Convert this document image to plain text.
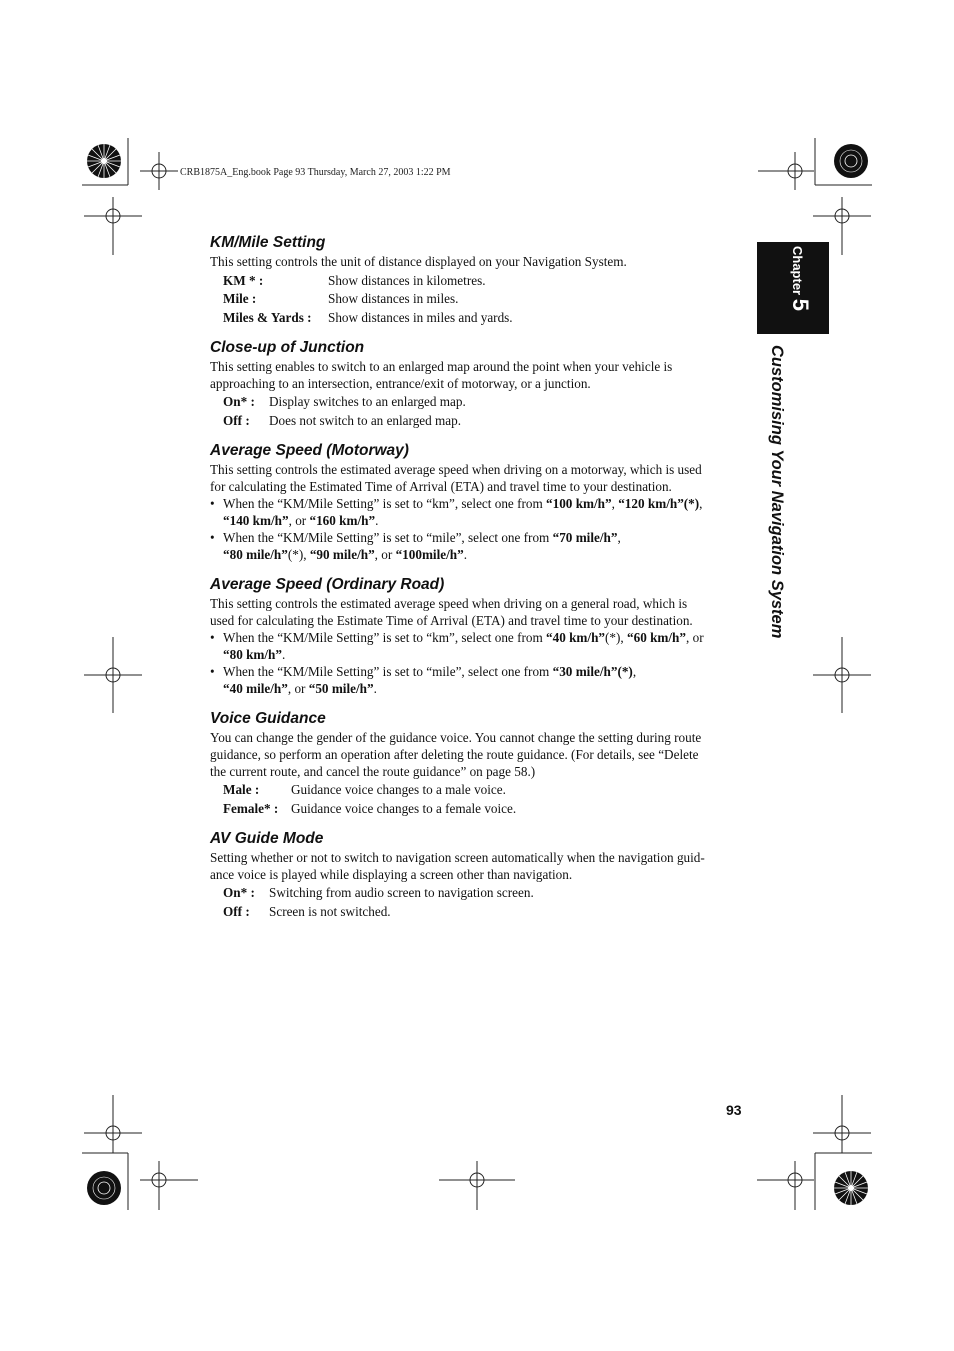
CRB1875A_Eng.book Page 93 Thursday, March 27, 2003 1:22 PM
Chapter 5
Customising Your Navigation System
KM/Mile Setting

This setting controls the unit of distance displayed on your Navigation System.

KM * :	Show distances in kilometres.
Mile :	Show distances in miles.
Miles & Yards :	Show distances in miles and yards.
Close-up of Junction

This setting enables to switch to an enlarged map around the point when your vehicle is

approaching to an intersection, entrance/exit of motorway, or a junction.

On* :	Display switches to an enlarged map.
Off :	Does not switch to an enlarged map.
Average Speed (Motorway)

This setting controls the estimated average speed when driving on a motorway, which is used

for calculating the Estimated Time of Arrival (ETA) and travel time to your destination.

• When the “KM/Mile Setting” is set to “km”, select one from “100 km/h”, “120 km/h”(*),
“140 km/h”, or “160 km/h”.
• When the “KM/Mile Setting” is set to “mile”, select one from “70 mile/h”,
“80 mile/h”(*), “90 mile/h”, or “100mile/h”.
Average Speed (Ordinary Road)

This setting controls the estimated average speed when driving on a general road, which is

used for calculating the Estimate Time of Arrival (ETA) and travel time to your destination.

• When the “KM/Mile Setting” is set to “km”, select one from “40 km/h”(*), “60 km/h”, or
“80 km/h”.
• When the “KM/Mile Setting” is set to “mile”, select one from “30 mile/h”(*),
“40 mile/h”, or “50 mile/h”.
Voice Guidance

You can change the gender of the guidance voice. You cannot change the setting during route

guidance, so perform an operation after deleting the route guidance. (For details, see “Delete

the current route, and cancel the route guidance” on page 58.)

Male :	Guidance voice changes to a male voice.
Female* : Guidance voice changes to a female voice.
AV Guide Mode

Setting whether or not to switch to navigation screen automatically when the navigation guid-

ance voice is played while displaying a screen other than navigation.

On* :	Switching from audio screen to navigation screen.
Off :	Screen is not switched.
93
